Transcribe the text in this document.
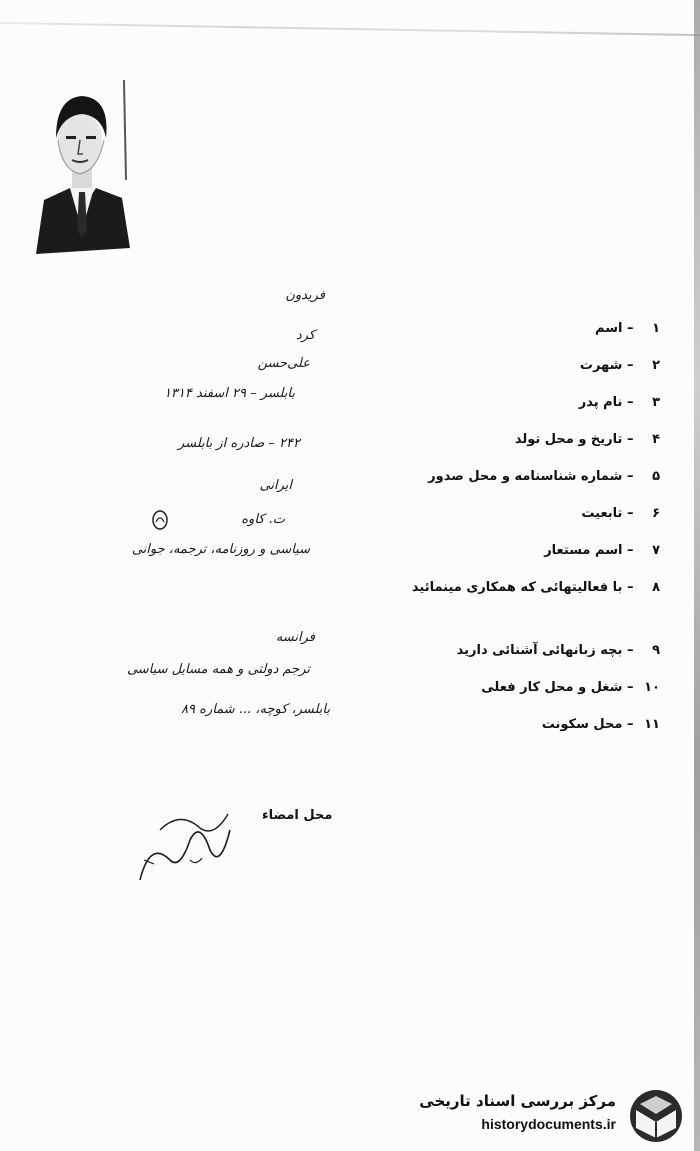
۱ – اسم
۲ – شهرت
۳ – نام پدر
۴ – تاریخ و محل تولد
۵ – شماره شناسنامه و محل صدور
۶ – تابعیت
۷ – اسم مستعار
۸ – با فعالیتهائی که همکاری مینمائید
۹ – بچه زبانهائی آشنائی دارید
۱۰ – شغل و محل کار فعلی
۱۱ – محل سکونت
فریدون
کرد
علی‌حسن
بابلسر – ۲۹ اسفند ۱۳۱۴
۲۴۲ – صادره از بابلسر
ایرانی
ت. کاوه
سیاسی و روزنامه، ترجمه، جوانی
فرانسه
ترجم دولتی و همه مسایل سیاسی
بابلسر، کوچه، ... شماره ۸۹
محل امضاء
مرکز بررسی اسناد تاریخی
historydocuments.ir
